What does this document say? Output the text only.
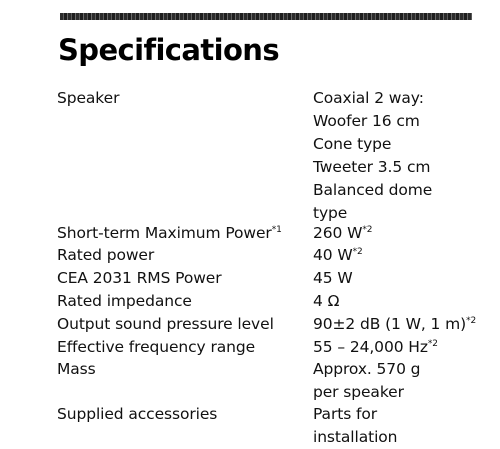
Specifications
Speaker	Coaxial 2 way:
Woofer 16 cm
Cone type
Tweeter 3.5 cm
Balanced dome
type
Short-term Maximum Power$^{*1}$ 260 $W^{*2}$
Rated power	40 $W^{*2}$
CEA 2031 RMS Power	45 W
Rated impedance	4 Ω
Output sound pressure level	90±2 dB (1 W, 1 m)$^{*2}$
Effective frequency range	55 – 24,000 Hz$^{*2}$
Mass	Approx. 570 g
per speaker
Supplied accessories	Parts for
installation
